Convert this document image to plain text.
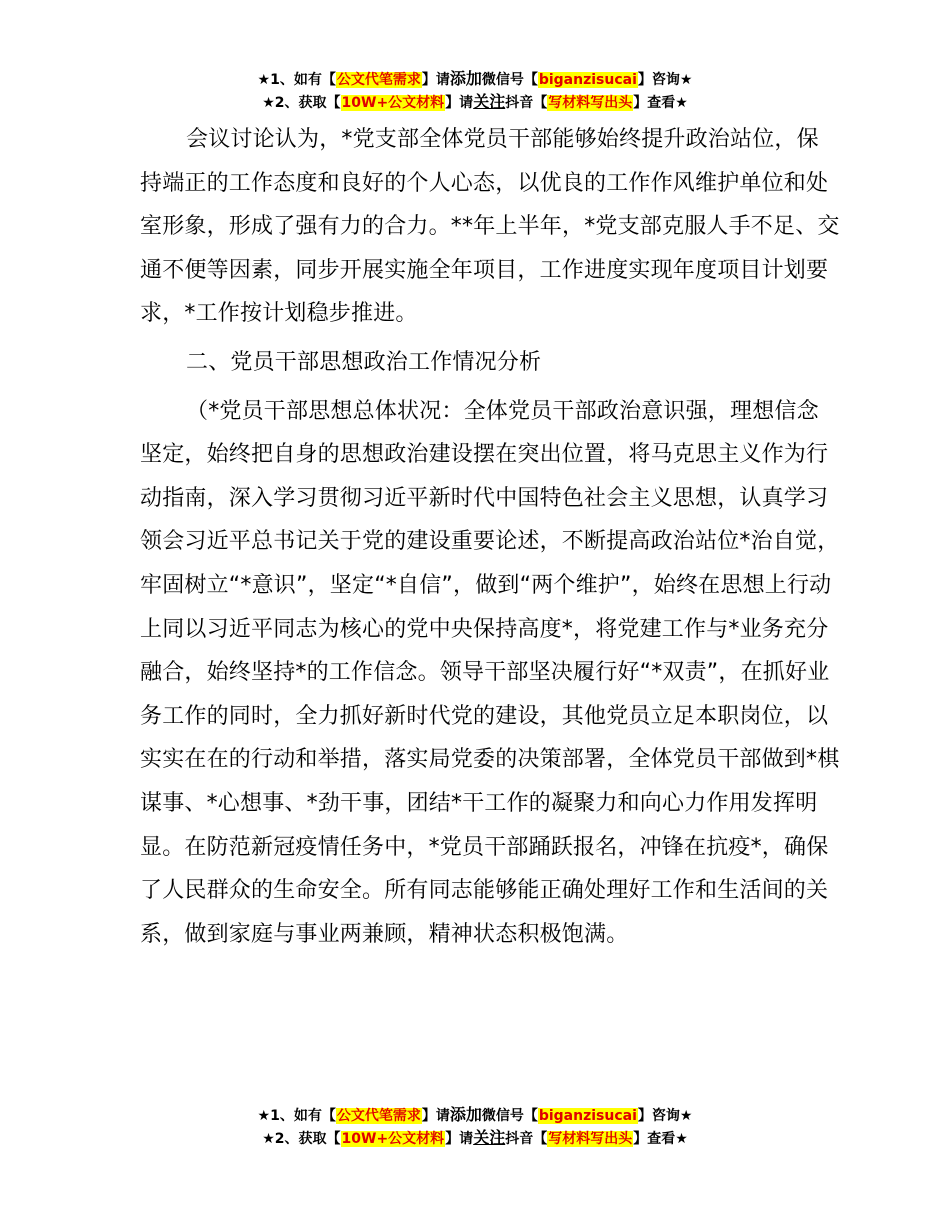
★1、如有【公文代笔需求】请添加微信号【biganzisucai】咨询★
★2、获取【10W+公文材料】请关注抖音【写材料写出头】查看★

会议讨论认为，*党支部全体党员干部能够始终提升政治站位，保持端正的工作态度和良好的个人心态，以优良的工作作风维护单位和处室形象，形成了强有力的合力。**年上半年，*党支部克服人手不足、交通不便等因素，同步开展实施全年项目，工作进度实现年度项目计划要求，*工作按计划稳步推进。

二、党员干部思想政治工作情况分析

（*党员干部思想总体状况：全体党员干部政治意识强，理想信念坚定，始终把自身的思想政治建设摆在突出位置，将马克思主义作为行动指南，深入学习贯彻习近平新时代中国特色社会主义思想，认真学习领会习近平总书记关于党的建设重要论述，不断提高政治站位*治自觉，牢固树立“*意识”，坚定“*自信”，做到“两个维护”，始终在思想上行动上同以习近平同志为核心的党中央保持高度*，将党建工作与*业务充分融合，始终坚持*的工作信念。领导干部坚决履行好“*双责”，在抓好业务工作的同时，全力抓好新时代党的建设，其他党员立足本职岗位，以实实在在的行动和举措，落实局党委的决策部署，全体党员干部做到*棋谋事、*心想事、*劲干事，团结*干工作的凝聚力和向心力作用发挥明显。在防范新冠疫情任务中，*党员干部踊跃报名，冲锋在抗疫*，确保了人民群众的生命安全。所有同志能够能正确处理好工作和生活间的关系，做到家庭与事业两兼顾，精神状态积极饱满。

★1、如有【公文代笔需求】请添加微信号【biganzisucai】咨询★
★2、获取【10W+公文材料】请关注抖音【写材料写出头】查看★
